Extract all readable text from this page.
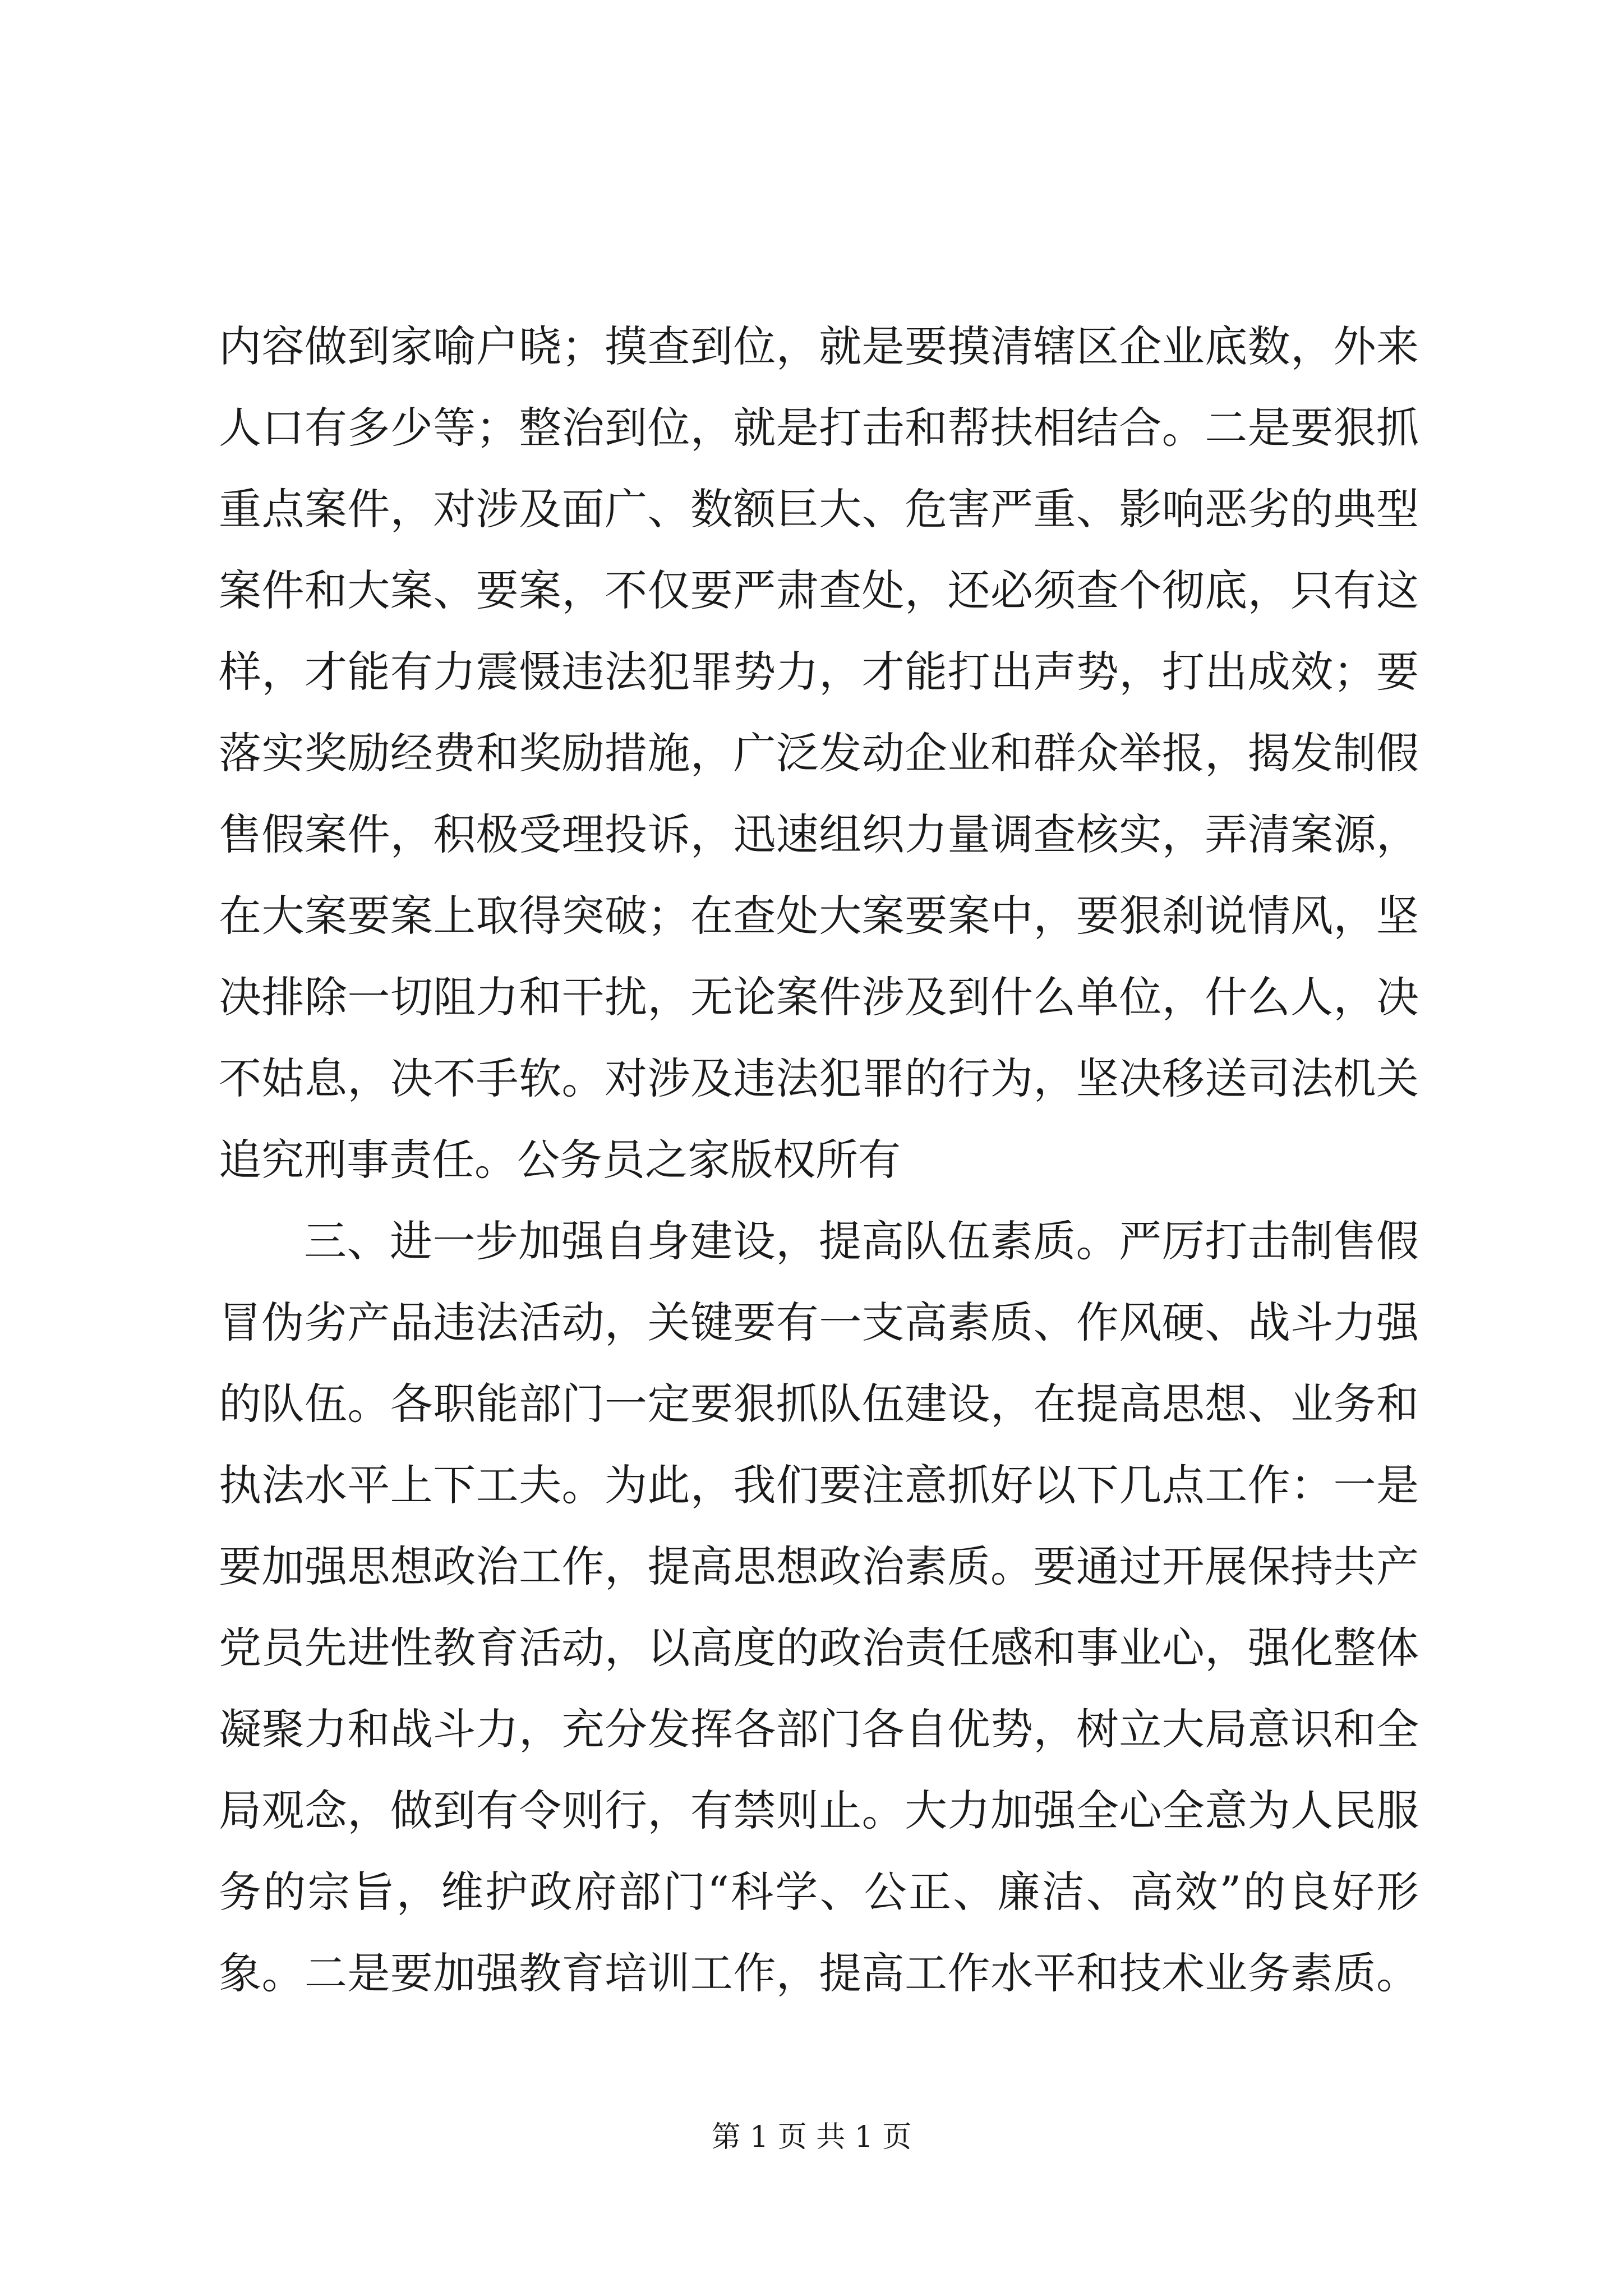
内容做到家喻户晓；摸查到位，就是要摸清辖区企业底数，外来
人口有多少等；整治到位，就是打击和帮扶相结合。二是要狠抓
重点案件，对涉及面广、数额巨大、危害严重、影响恶劣的典型
案件和大案、要案，不仅要严肃查处，还必须查个彻底，只有这
样，才能有力震慑违法犯罪势力，才能打出声势，打出成效；要
落实奖励经费和奖励措施，广泛发动企业和群众举报，揭发制假
售假案件，积极受理投诉，迅速组织力量调查核实，弄清案源，
在大案要案上取得突破；在查处大案要案中，要狠刹说情风，坚
决排除一切阻力和干扰，无论案件涉及到什么单位，什么人，决
不姑息，决不手软。对涉及违法犯罪的行为，坚决移送司法机关
追究刑事责任。公务员之家版权所有
三、进一步加强自身建设，提高队伍素质。严厉打击制售假
冒伪劣产品违法活动，关键要有一支高素质、作风硬、战斗力强
的队伍。各职能部门一定要狠抓队伍建设，在提高思想、业务和
执法水平上下工夫。为此，我们要注意抓好以下几点工作：一是
要加强思想政治工作，提高思想政治素质。要通过开展保持共产
党员先进性教育活动，以高度的政治责任感和事业心，强化整体
凝聚力和战斗力，充分发挥各部门各自优势，树立大局意识和全
局观念，做到有令则行，有禁则止。大力加强全心全意为人民服
务的宗旨，维护政府部门“科学、公正、廉洁、高效”的良好形
象。二是要加强教育培训工作，提高工作水平和技术业务素质。
第 1 页 共 1 页
